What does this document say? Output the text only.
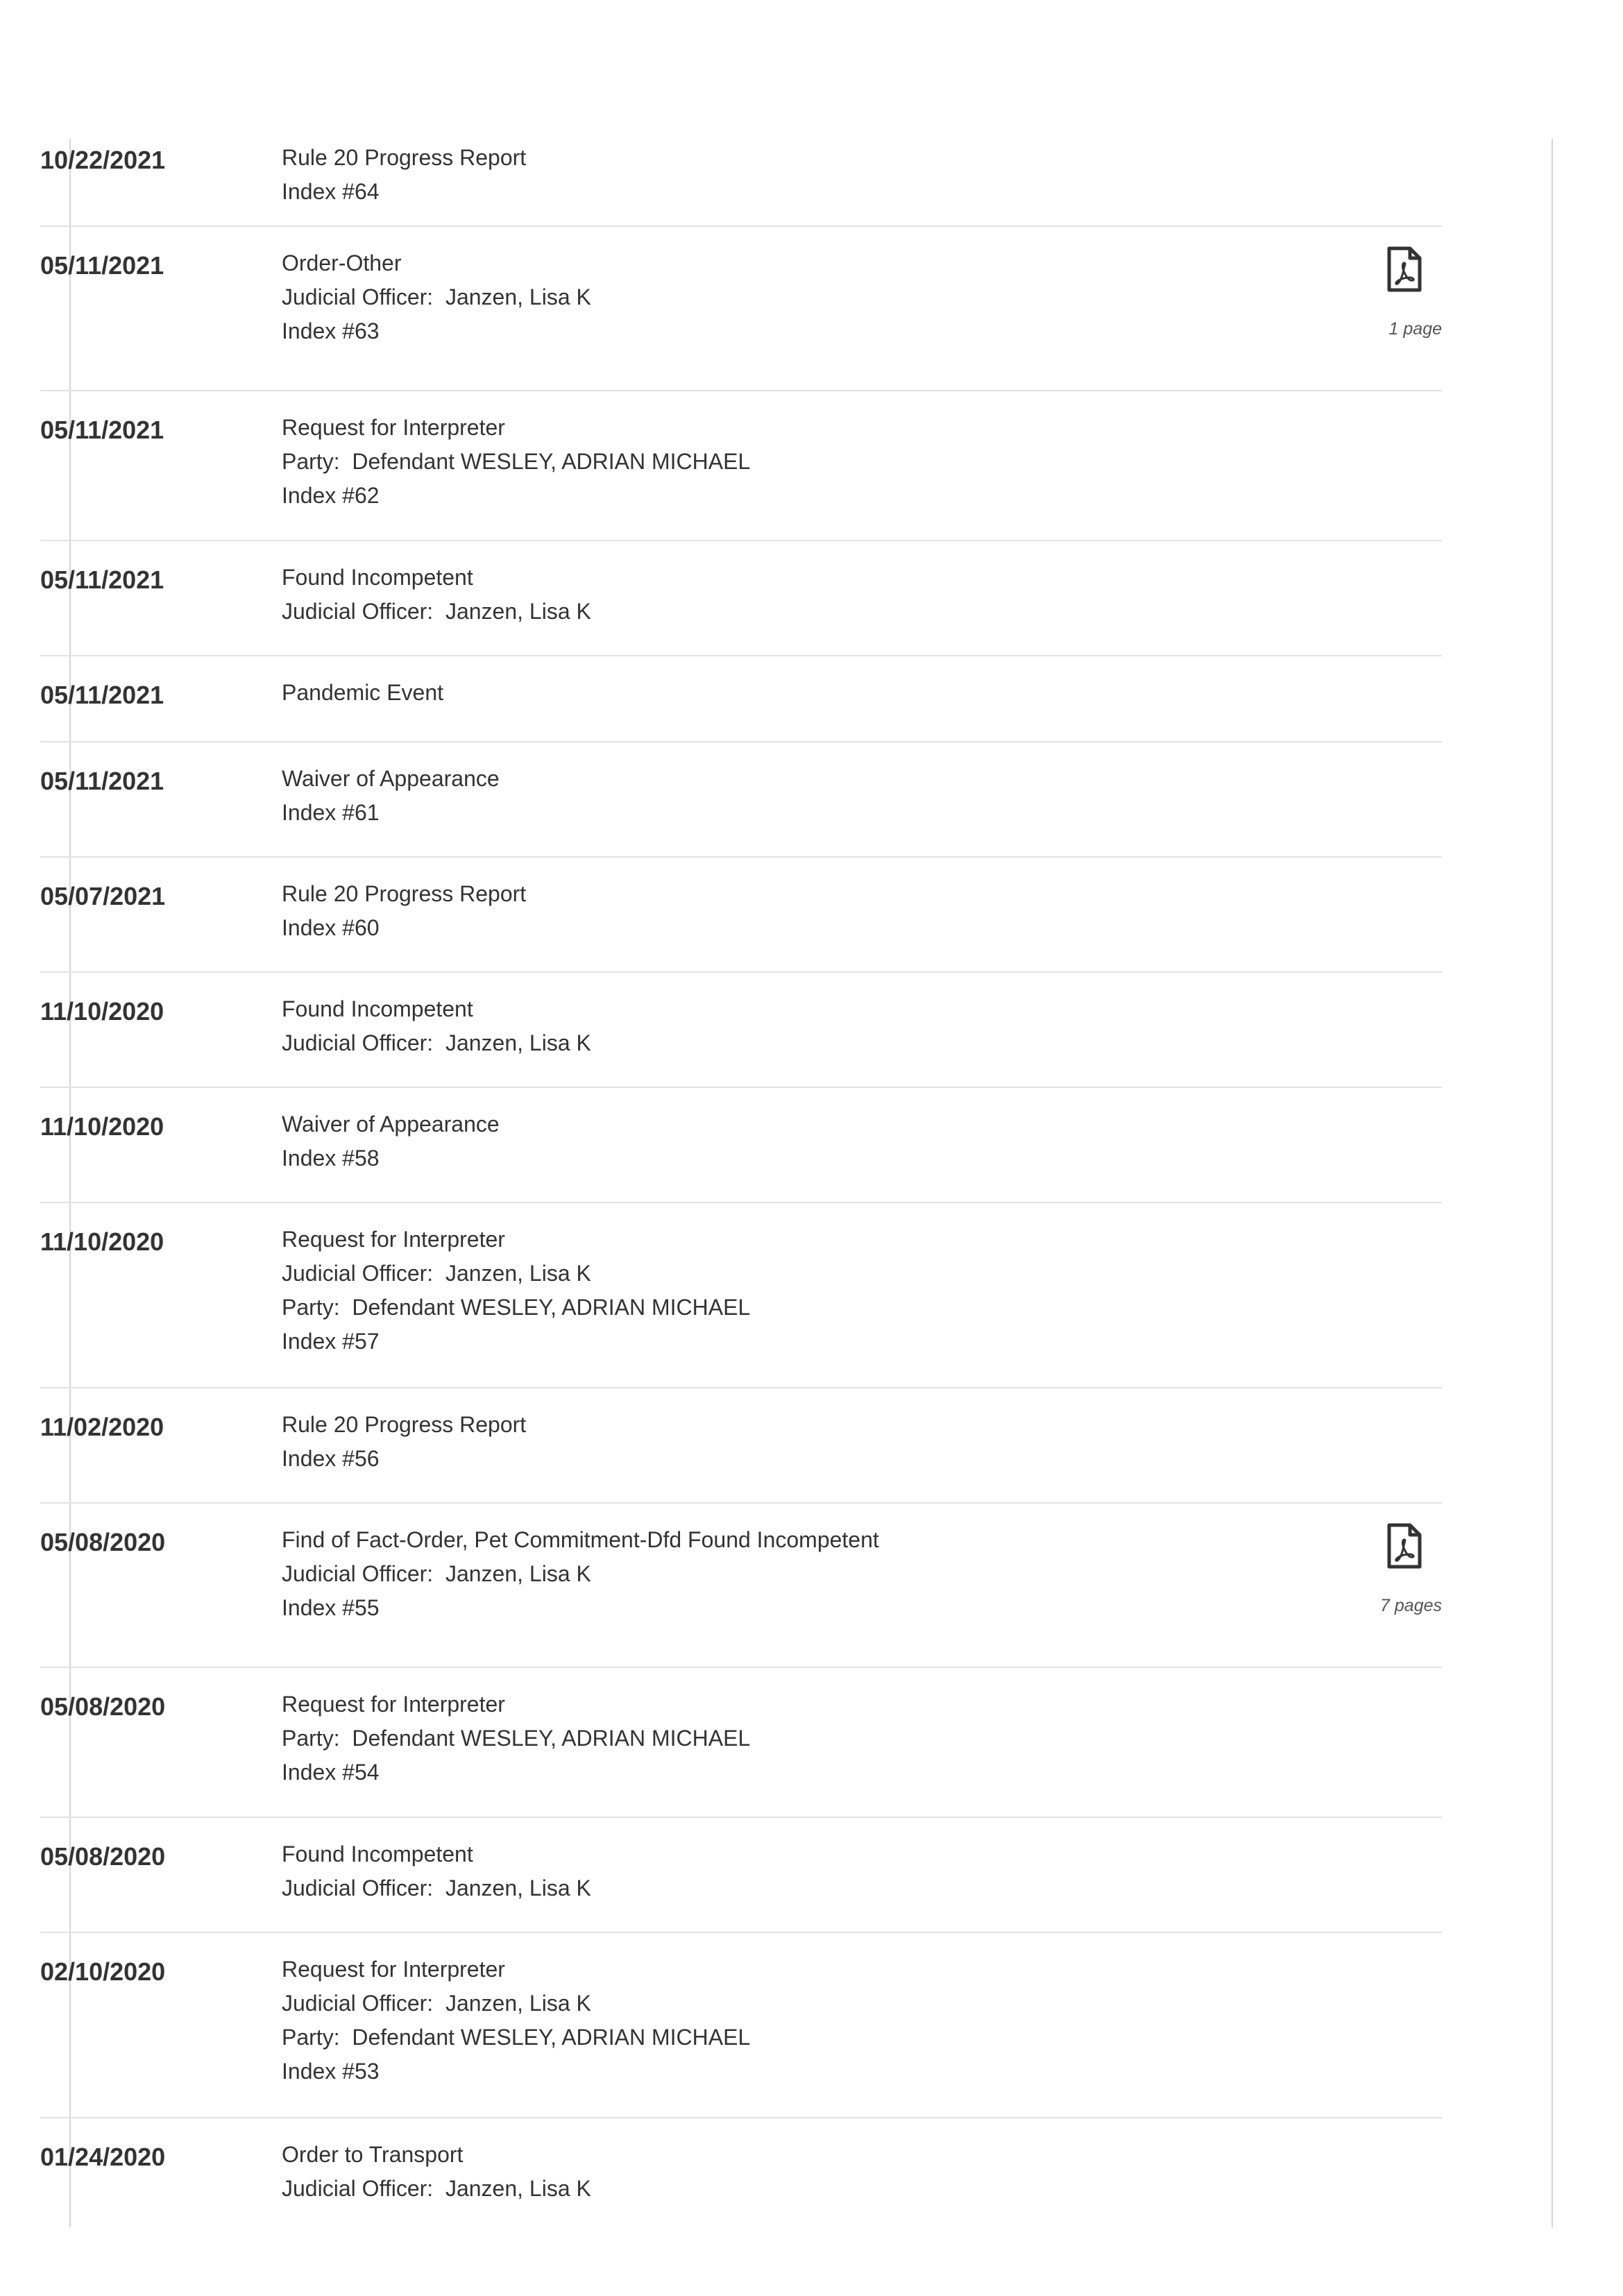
10/22/2021	Rule 20 Progress Report
Index #64
05/11/2021	Order-Other
Judicial Officer:  Janzen, Lisa K
Index #63	1 page
05/11/2021	Request for Interpreter
Party:  Defendant WESLEY, ADRIAN MICHAEL
Index #62
05/11/2021	Found Incompetent
Judicial Officer:  Janzen, Lisa K
05/11/2021	Pandemic Event
05/11/2021	Waiver of Appearance
Index #61
05/07/2021	Rule 20 Progress Report
Index #60
11/10/2020	Found Incompetent
Judicial Officer:  Janzen, Lisa K
11/10/2020	Waiver of Appearance
Index #58
11/10/2020	Request for Interpreter
Judicial Officer:  Janzen, Lisa K
Party:  Defendant WESLEY, ADRIAN MICHAEL
Index #57
11/02/2020	Rule 20 Progress Report
Index #56
05/08/2020	Find of Fact-Order, Pet Commitment-Dfd Found Incompetent
Judicial Officer:  Janzen, Lisa K
Index #55	7 pages
05/08/2020	Request for Interpreter
Party:  Defendant WESLEY, ADRIAN MICHAEL
Index #54
05/08/2020	Found Incompetent
Judicial Officer:  Janzen, Lisa K
02/10/2020	Request for Interpreter
Judicial Officer:  Janzen, Lisa K
Party:  Defendant WESLEY, ADRIAN MICHAEL
Index #53
01/24/2020	Order to Transport
Judicial Officer:  Janzen, Lisa K
